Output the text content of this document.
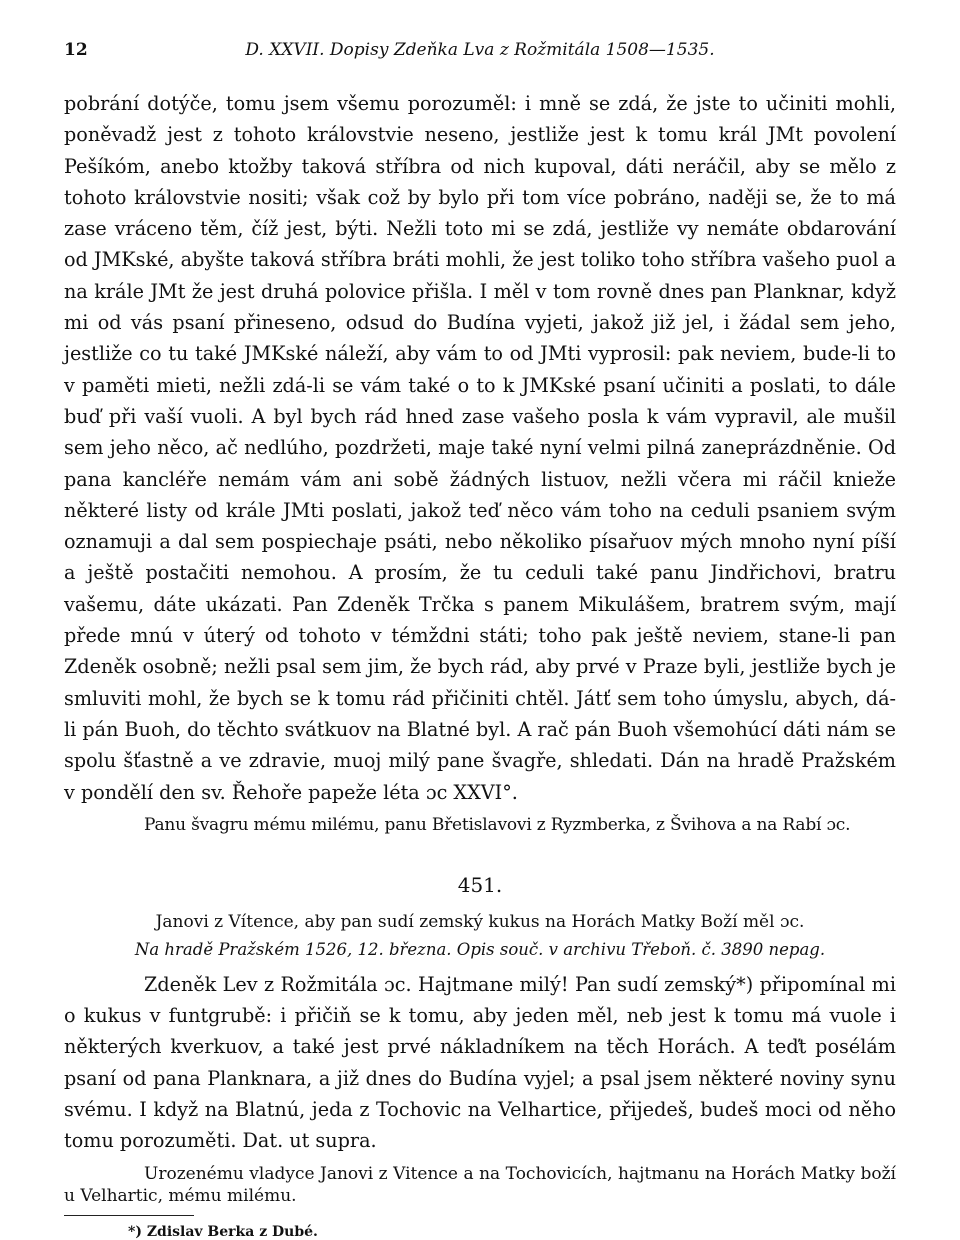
12	D. XXVII. Dopisy Zdeňka Lva z Rožmitála 1508—1535.

pobrání dotýče, tomu jsem všemu porozuměl: i mně se zdá, že jste to učiniti mohli, poněvadž jest z tohoto královstvie neseno, jestliže jest k tomu král JMt povolení Pešíkóm, anebo ktožby taková stříbra od nich kupoval, dáti neráčil, aby se mělo z tohoto královstvie nositi; však což by bylo při tom více pobráno, naději se, že to má zase vráceno těm, číž jest, býti. Nežli toto mi se zdá, jestliže vy nemáte obdarování od JMKské, abyšte taková stříbra bráti mohli, že jest toliko toho stříbra vašeho puol a na krále JMt že jest druhá polovice přišla. I měl v tom rovně dnes pan Planknar, když mi od vás psaní přineseno, odsud do Budína vyjeti, jakož již jel, i žádal sem jeho, jestliže co tu také JMKské náleží, aby vám to od JMti vyprosil: pak neviem, bude-li to v paměti mieti, nežli zdá-li se vám také o to k JMKské psaní učiniti a poslati, to dále buď při vaší vuoli. A byl bych rád hned zase vašeho posla k vám vypravil, ale mušil sem jeho něco, ač nedlúho, pozdržeti, maje také nyní velmi pilná zaneprázdněnie. Od pana kancléře nemám vám ani sobě žádných listuov, nežli včera mi ráčil knieže některé listy od krále JMti poslati, jakož teď něco vám toho na ceduli psaniem svým oznamuji a dal sem pospiechaje psáti, nebo několiko písařuov mých mnoho nyní píší a ještě postačiti nemohou. A prosím, že tu ceduli také panu Jindřichovi, bratru vašemu, dáte ukázati. Pan Zdeněk Trčka s panem Mikulášem, bratrem svým, mají přede mnú v úterý od tohoto v témždni státi; toho pak ještě neviem, stane-li pan Zdeněk osobně; nežli psal sem jim, že bych rád, aby prvé v Praze byli, jestliže bych je smluviti mohl, že bych se k tomu rád přičiniti chtěl. Játť sem toho úmyslu, abych, dá-li pán Buoh, do těchto svátkuov na Blatné byl. A rač pán Buoh všemohúcí dáti nám se spolu šťastně a ve zdravie, muoj milý pane švagře, shledati. Dán na hradě Pražském v pondělí den sv. Řehoře papeže léta ɔc XXVI°.

Panu švagru mému milému, panu Břetislavovi z Ryzmberka, z Švihova a na Rabí ɔc.

451.
Janovi z Vítence, aby pan sudí zemský kukus na Horách Matky Boží měl ɔc.
Na hradě Pražském 1526, 12. března. Opis souč. v archivu Třeboň. č. 3890 nepag.

Zdeněk Lev z Rožmitála ɔc. Hajtmane milý! Pan sudí zemský*) připomínal mi o kukus v funtgrubě: i přičiň se k tomu, aby jeden měl, neb jest k tomu má vuole i některých kverkuov, a také jest prvé nákladníkem na těch Horách. A teďt posélám psaní od pana Planknara, a již dnes do Budína vyjel; a psal jsem některé noviny synu svému. I když na Blatnú, jeda z Tochovic na Velhartice, přijedeš, budeš moci od něho tomu porozuměti. Dat. ut supra.

Urozenému vladyce Janovi z Vitence a na Tochovicích, hajtmanu na Horách Matky boží u Velhartic, mému milému.

*) Zdislav Berka z Dubé.
